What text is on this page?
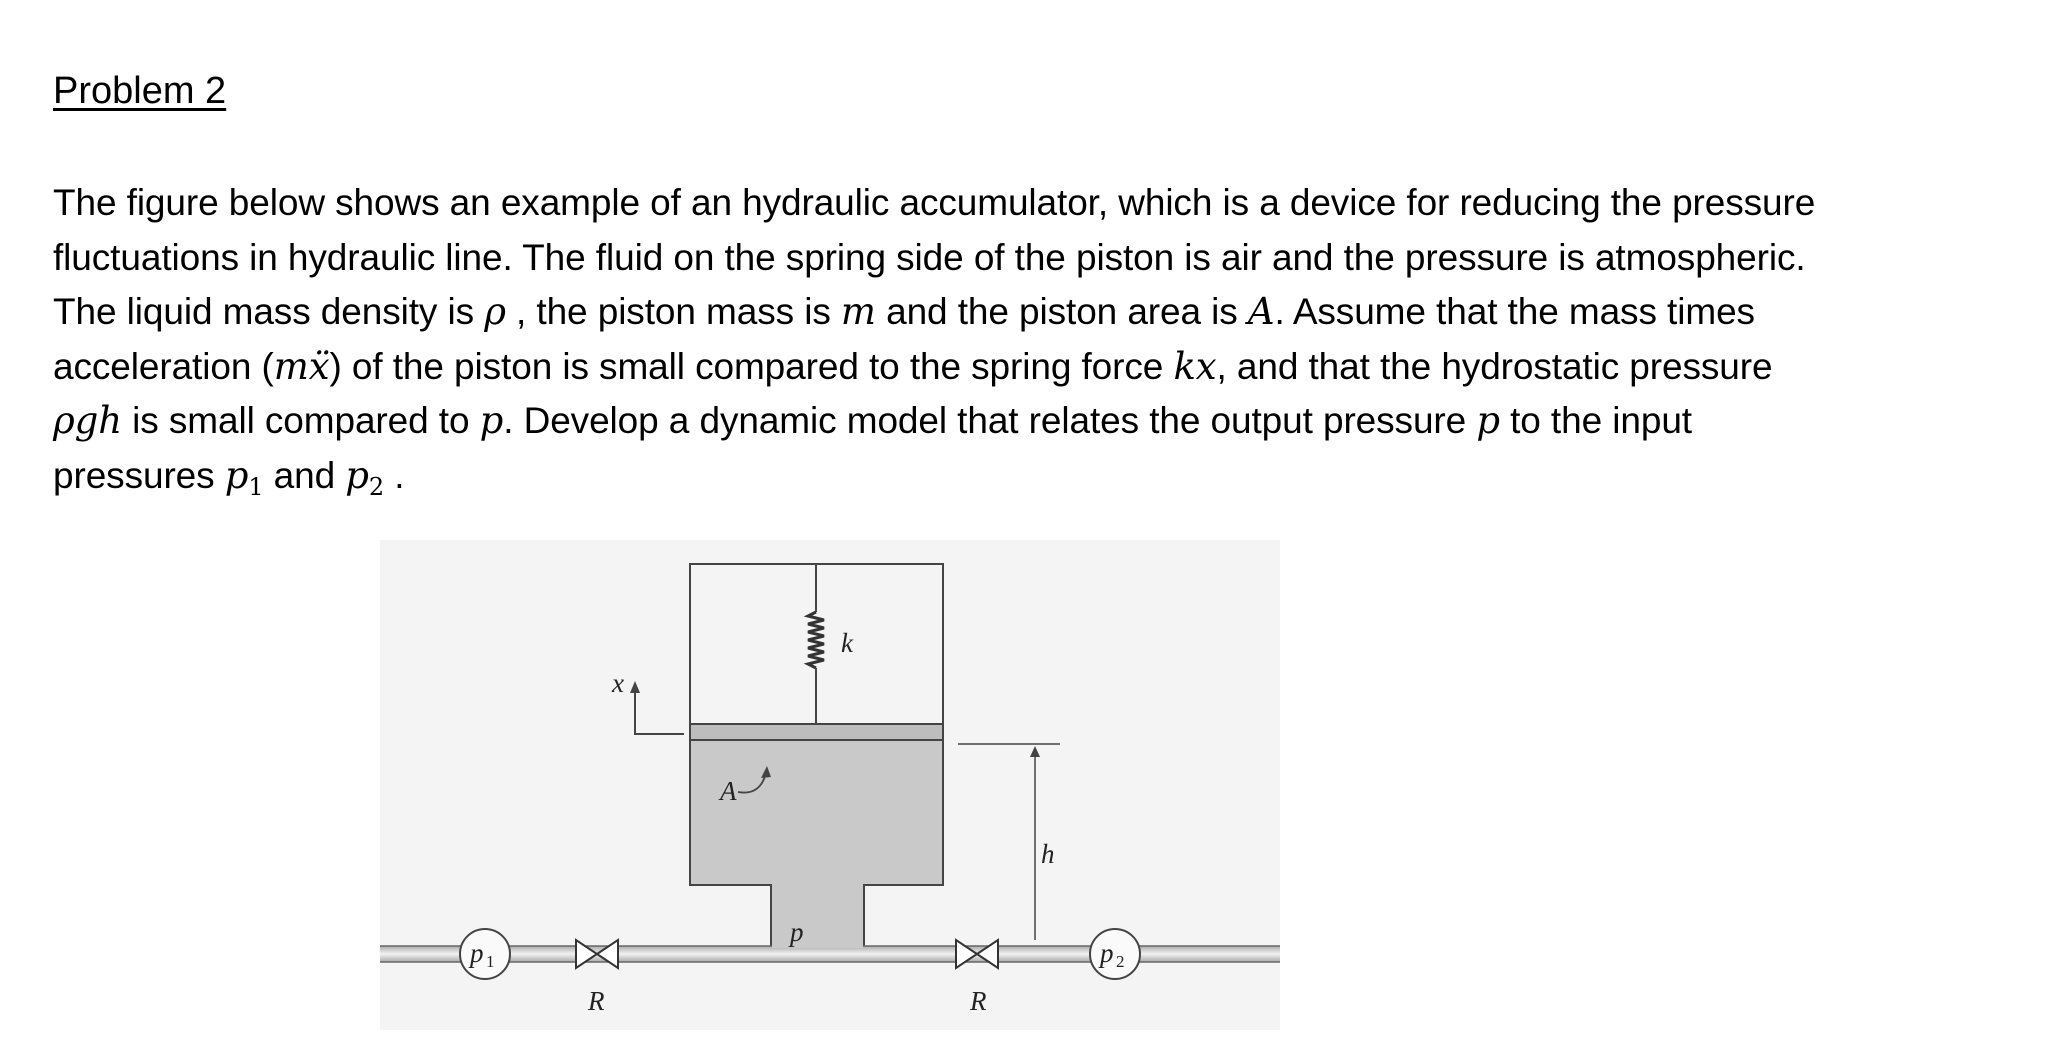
Problem 2
The figure below shows an example of an hydraulic accumulator, which is a device for reducing the pressure
fluctuations in hydraulic line. The fluid on the spring side of the piston is air and the pressure is atmospheric.
The liquid mass density is ρ , the piston mass is m and the piston area is A. Assume that the mass times
acceleration (mẍ) of the piston is small compared to the spring force kx, and that the hydrostatic pressure
ρgh is small compared to p. Develop a dynamic model that relates the output pressure p to the input
pressures $p_1$ and $p_2$ .
k
x
A
h
p
p 1	p 2
R	R
